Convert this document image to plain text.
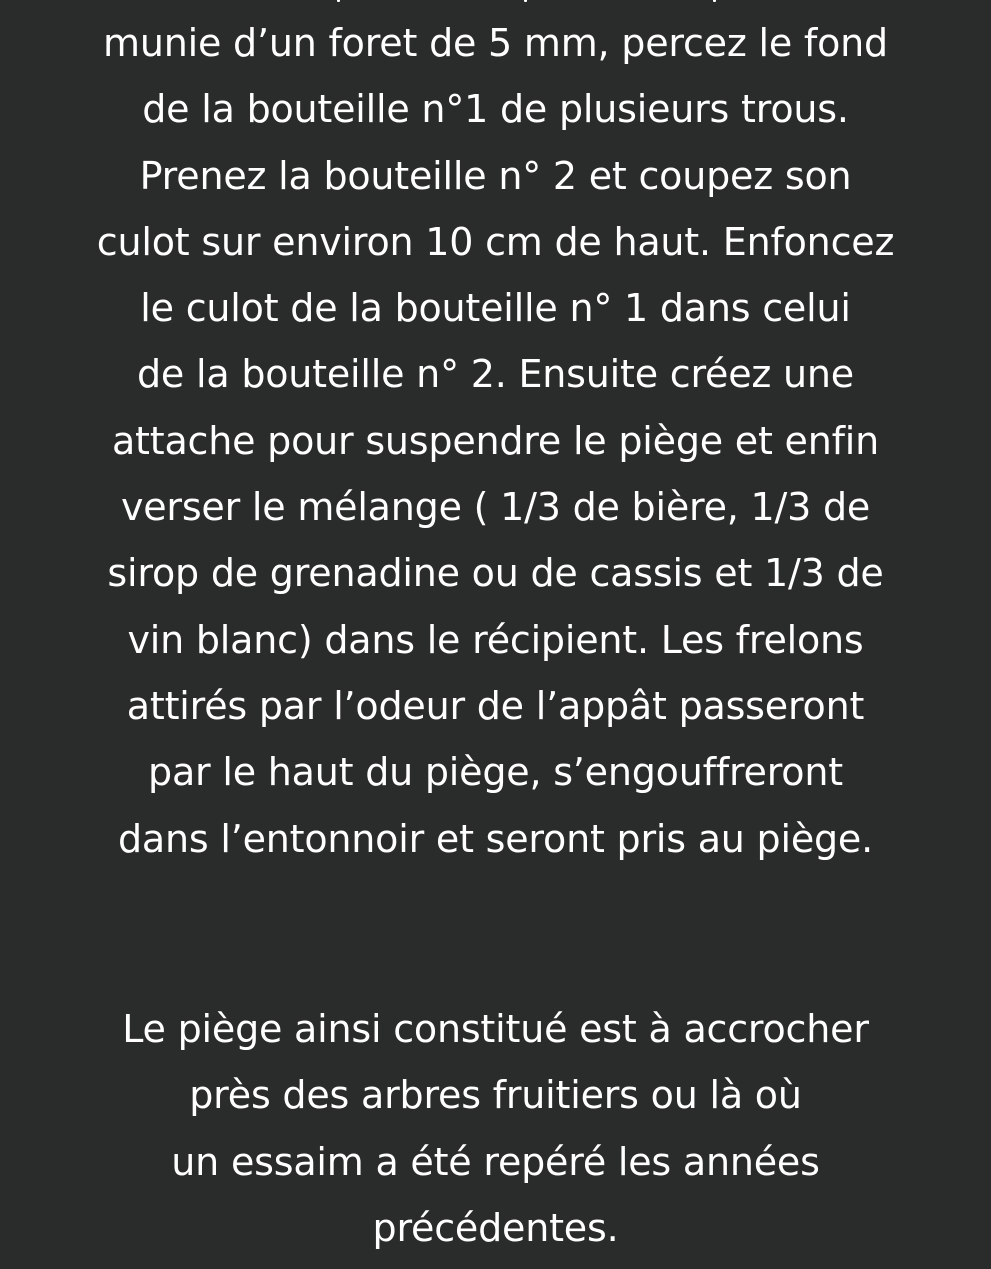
munie d’un foret de 5 mm, percez le fond
de la bouteille n°1 de plusieurs trous.
Prenez la bouteille n° 2 et coupez son
culot sur environ 10 cm de haut. Enfoncez
le culot de la bouteille n° 1 dans celui
de la bouteille n° 2. Ensuite créez une
attache pour suspendre le piège et enfin
verser le mélange ( 1/3 de bière, 1/3 de
sirop de grenadine ou de cassis et 1/3 de
vin blanc) dans le récipient. Les frelons
attirés par l’odeur de l’appât passeront
par le haut du piège, s’engouffreront
dans l’entonnoir et seront pris au piège.

Le piège ainsi constitué est à accrocher
près des arbres fruitiers ou là où
un essaim a été repéré les années
précédentes.
